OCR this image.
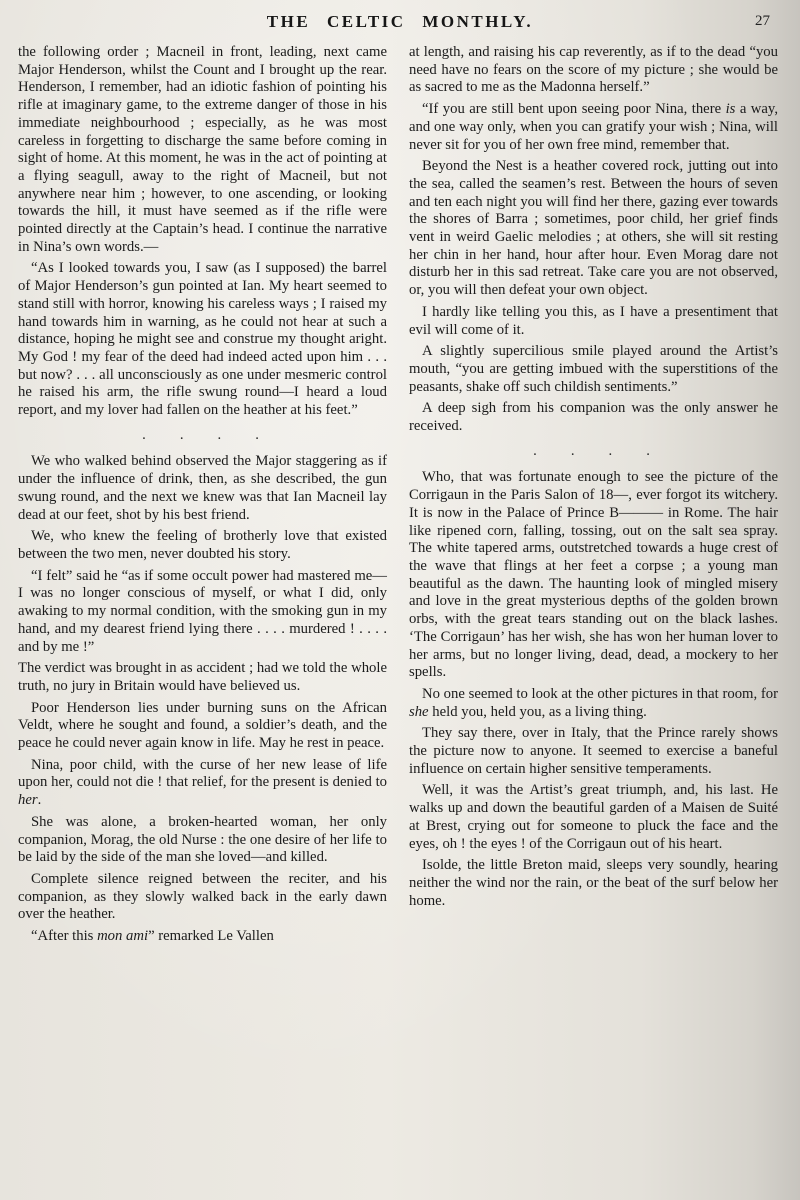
THE CELTIC MONTHLY.	27

the following order ; Macneil in front, leading, next came Major Henderson, whilst the Count and I brought up the rear. Henderson, I remember, had an idiotic fashion of pointing his rifle at imaginary game, to the extreme danger of those in his immediate neighbourhood ; especially, as he was most careless in forgetting to discharge the same before coming in sight of home. At this moment, he was in the act of pointing at a flying seagull, away to the right of Macneil, but not anywhere near him ; however, to one ascending, or looking towards the hill, it must have seemed as if the rifle were pointed directly at the Captain’s head. I continue the narrative in Nina’s own words.—

“As I looked towards you, I saw (as I supposed) the barrel of Major Henderson’s gun pointed at Ian. My heart seemed to stand still with horror, knowing his careless ways ; I raised my hand towards him in warning, as he could not hear at such a distance, hoping he might see and construe my thought aright. My God ! my fear of the deed had indeed acted upon him . . . but now? . . . all unconsciously as one under mesmeric control he raised his arm, the rifle swung round—I heard a loud report, and my lover had fallen on the heather at his feet.”

.  .  .  .

We who walked behind observed the Major staggering as if under the influence of drink, then, as she described, the gun swung round, and the next we knew was that Ian Macneil lay dead at our feet, shot by his best friend.

We, who knew the feeling of brotherly love that existed between the two men, never doubted his story.

“I felt” said he “as if some occult power had mastered me—I was no longer conscious of myself, or what I did, only awaking to my normal condition, with the smoking gun in my hand, and my dearest friend lying there . . . . murdered ! . . . . and by me !”

The verdict was brought in as accident ; had we told the whole truth, no jury in Britain would have believed us.

Poor Henderson lies under burning suns on the African Veldt, where he sought and found, a soldier’s death, and the peace he could never again know in life. May he rest in peace.

Nina, poor child, with the curse of her new lease of life upon her, could not die ! that relief, for the present is denied to her.

She was alone, a broken-hearted woman, her only companion, Morag, the old Nurse : the one desire of her life to be laid by the side of the man she loved—and killed.

Complete silence reigned between the reciter, and his companion, as they slowly walked back in the early dawn over the heather.

“After this mon ami” remarked Le Vallen

at length, and raising his cap reverently, as if to the dead “you need have no fears on the score of my picture ; she would be as sacred to me as the Madonna herself.”

“If you are still bent upon seeing poor Nina, there is a way, and one way only, when you can gratify your wish ; Nina, will never sit for you of her own free mind, remember that.

Beyond the Nest is a heather covered rock, jutting out into the sea, called the seamen’s rest. Between the hours of seven and ten each night you will find her there, gazing ever towards the shores of Barra ; sometimes, poor child, her grief finds vent in weird Gaelic melodies ; at others, she will sit resting her chin in her hand, hour after hour. Even Morag dare not disturb her in this sad retreat. Take care you are not observed, or, you will then defeat your own object.

I hardly like telling you this, as I have a presentiment that evil will come of it.

A slightly supercilious smile played around the Artist’s mouth, “you are getting imbued with the superstitions of the peasants, shake off such childish sentiments.”

A deep sigh from his companion was the only answer he received.

.  .  .  .

Who, that was fortunate enough to see the picture of the Corrigaun in the Paris Salon of 18—, ever forgot its witchery. It is now in the Palace of Prince B——— in Rome. The hair like ripened corn, falling, tossing, out on the salt sea spray. The white tapered arms, outstretched towards a huge crest of the wave that flings at her feet a corpse ; a young man beautiful as the dawn. The haunting look of mingled misery and love in the great mysterious depths of the golden brown orbs, with the great tears standing out on the black lashes. ‘The Corrigaun’ has her wish, she has won her human lover to her arms, but no longer living, dead, dead, a mockery to her spells.

No one seemed to look at the other pictures in that room, for she held you, held you, as a living thing.

They say there, over in Italy, that the Prince rarely shows the picture now to anyone. It seemed to exercise a baneful influence on certain higher sensitive temperaments.

Well, it was the Artist’s great triumph, and, his last. He walks up and down the beautiful garden of a Maisen de Suité at Brest, crying out for someone to pluck the face and the eyes, oh ! the eyes ! of the Corrigaun out of his heart.

Isolde, the little Breton maid, sleeps very soundly, hearing neither the wind nor the rain, or the beat of the surf below her home.
